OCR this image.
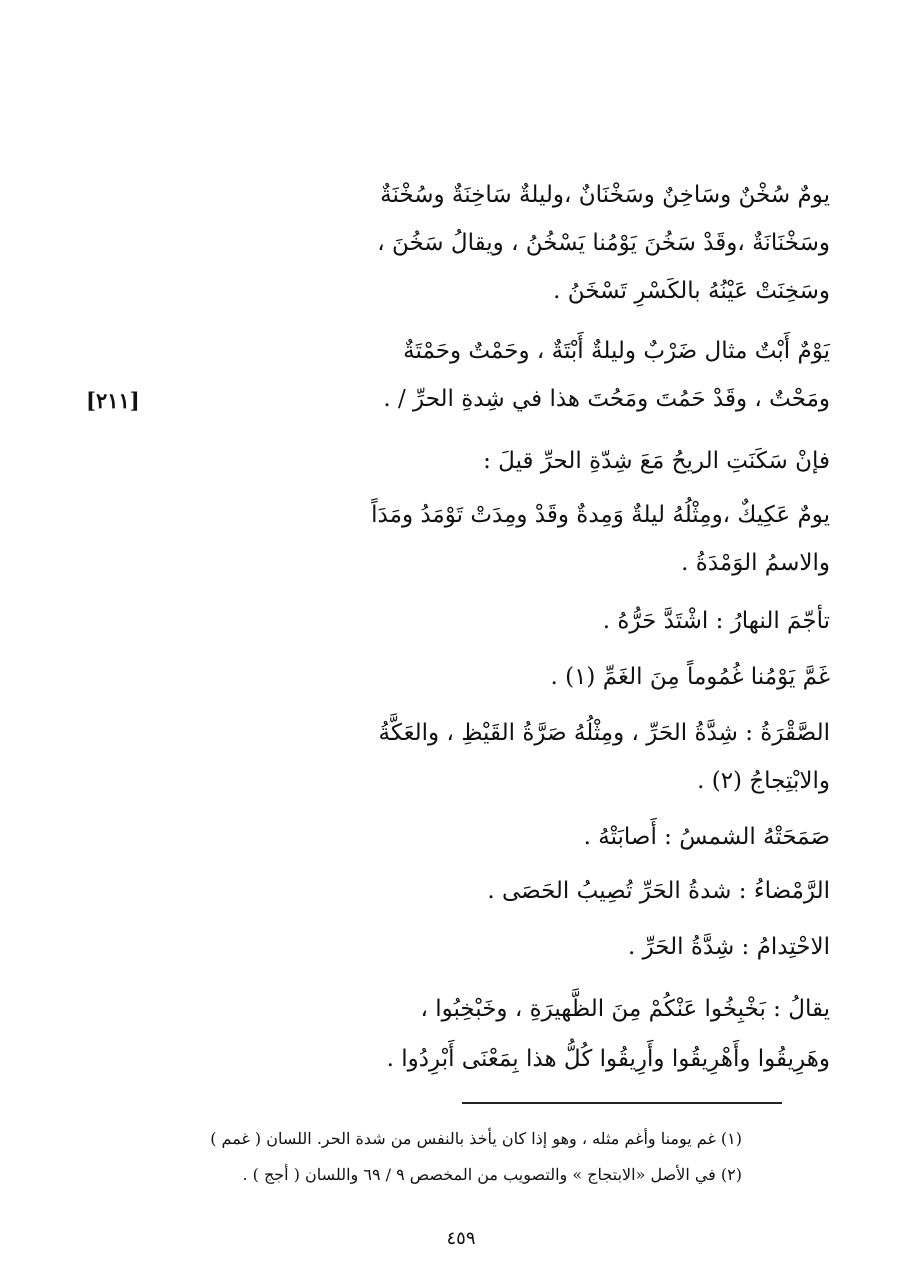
يومٌ سُخْنٌ وسَاخِنٌ وسَخْنَانٌ ،وليلةٌ سَاخِنَةٌ وسُخْنَةٌ
وسَخْنَانَةٌ ،وقَدْ سَخُنَ يَوْمُنا يَسْخُنُ ، ويقالُ سَخُنَ ،
وسَخِنَتْ عَيْنُهُ بالكَسْرِ تَسْخَنُ .
يَوْمٌ أَبْتٌ مثال ضَرْبٌ وليلةٌ أَبْتَةٌ ، وحَمْتٌ وحَمْتَةٌ
ومَحْتٌ ، وقَدْ حَمُتَ ومَحُتَ هذا في شِدةِ الحرِّ / .
[٢١١]
فإنْ سَكَنَتِ الريحُ مَعَ شِدّةِ الحرِّ قيلَ :
يومٌ عَكِيكٌ ،ومِثْلُهُ ليلةٌ وَمِدةٌ وقَدْ ومِدَتْ تَوْمَدُ ومَدَاً
والاسمُ الوَمْدَةُ .
تأجّمَ النهارُ : اشْتَدَّ حَرُّهُ .
غَمَّ يَوْمُنا غُمُوماً مِنَ الغَمِّ (١) .
الصَّقْرَةُ : شِدَّةُ الحَرِّ ، ومِثْلُهُ صَرَّةُ القَيْظِ ، والعَكَّةُ
والابْتِجاجُ (٢) .
صَمَحَتْهُ الشمسُ : أَصابَتْهُ .
الرَّمْضاءُ : شدةُ الحَرِّ تُصِيبُ الحَصَى .
الاحْتِدامُ : شِدَّةُ الحَرِّ .
يقالُ : بَخْبِخُوا عَنْكُمْ مِنَ الظَّهيرَةِ ، وخَبْخِبُوا ،
وهَرِيقُوا وأَهْرِيقُوا وأَرِيقُوا كُلُّ هذا بِمَعْنَى أَبْرِدُوا .
(١) غم يومنا وأغم مثله ، وهو إذا كان يأخذ بالنفس من شدة الحر. اللسان ( غمم )
(٢) في الأصل «الابتجاج » والتصويب من المخصص ٩ / ٦٩ واللسان ( أجج ) .
٤٥٩
